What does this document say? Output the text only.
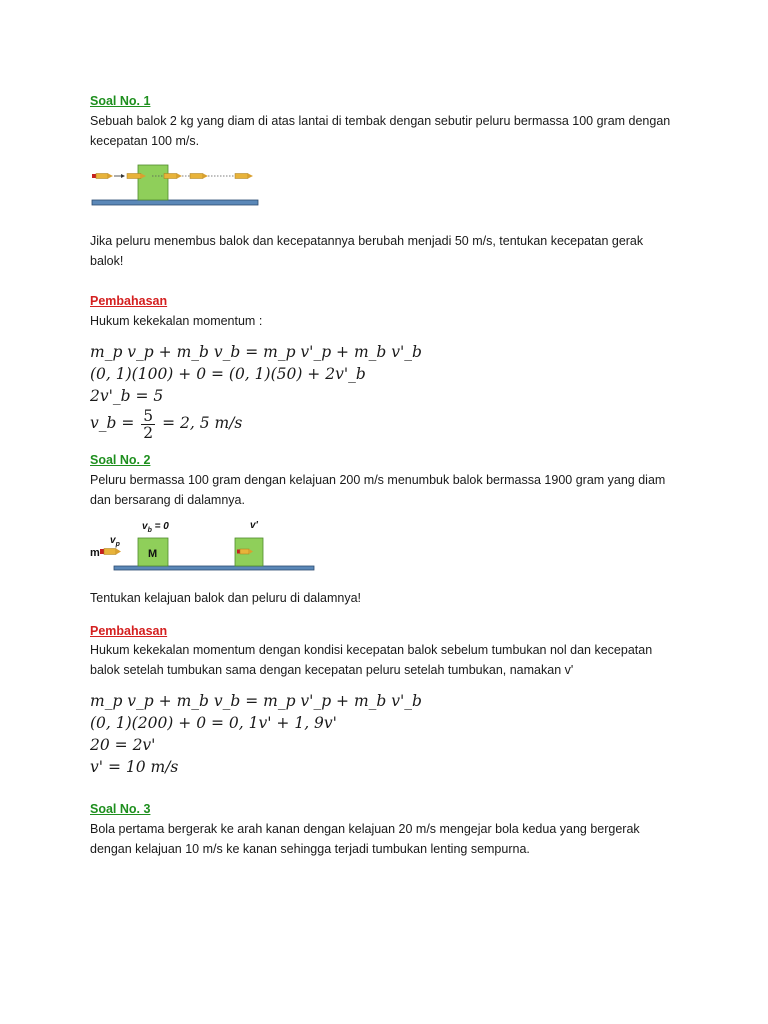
Soal No. 1

Sebuah balok 2 kg yang diam di atas lantai di tembak dengan sebutir peluru bermassa 100 gram dengan

kecepatan 100 m/s.

Jika peluru menembus balok dan kecepatannya berubah menjadi 50 m/s, tentukan kecepatan gerak

balok!

Pembahasan

Hukum kekekalan momentum :

m_p v_p + m_b v_b = m_p v'_p + m_b v'_b
(0, 1)(100) + 0 = (0, 1)(50) + 2v'_b
2v'_b = 5
v_b = $\frac{5}{2} = 2$, 5 m/s

Soal No. 2

Peluru bermassa 100 gram dengan kelajuan 200 m/s menumbuk balok bermassa 1900 gram yang diam

dan bersarang di dalamnya.

m
$v_p$
M
$v_b = 0$	v'

Tentukan kelajuan balok dan peluru di dalamnya!

Pembahasan

Hukum kekekalan momentum dengan kondisi kecepatan balok sebelum tumbukan nol dan kecepatan

balok setelah tumbukan sama dengan kecepatan peluru setelah tumbukan, namakan v'

m_p v_p + m_b v_b = m_p v'_p + m_b v'_b
(0, 1)(200) + 0 = 0, 1v' + 1, 9v'
20 = 2v'
v' = 10 m/s

Soal No. 3

Bola pertama bergerak ke arah kanan dengan kelajuan 20 m/s mengejar bola kedua yang bergerak

dengan kelajuan 10 m/s ke kanan sehingga terjadi tumbukan lenting sempurna.
